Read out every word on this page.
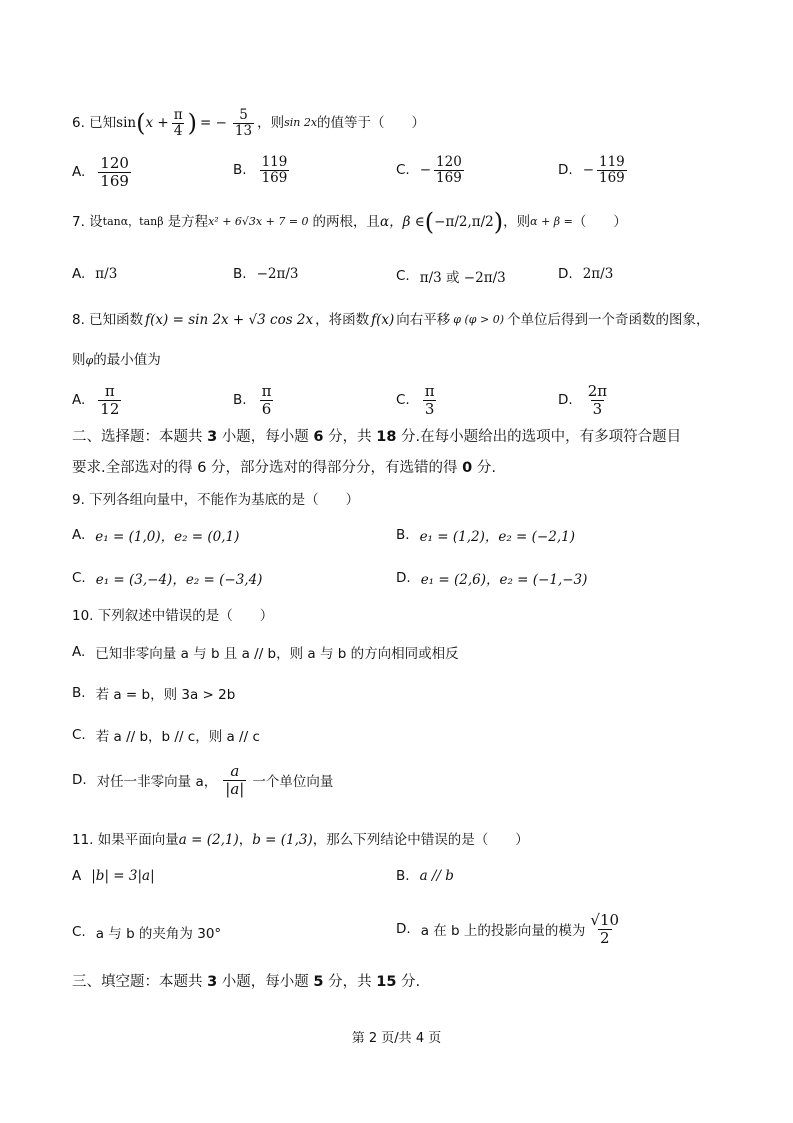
6. 已知 sin ( $x + \frac{\pi}{4}$ ) = − $\frac{5}{13}$ ，则 sin 2x 的值等于（　　）
A. $\frac{120}{169}$	B. $\frac{119}{169}$	C. − $\frac{120}{169}$	D. − $\frac{119}{169}$
7. 设 tanα，tanβ 是方程 x² + 6√3x + 7 = 0 的两根，且 α，β ∈ ( −π/2 , π/2 ) ，则 α + β = （　　）
A. π/3	B. −2π/3	C. π/3 或 −2π/3	D. 2π/3
8. 已知函数 f(x) = sin 2x + √3 cos 2x ，将函数 f(x) 向右平移 φ (φ > 0) 个单位后得到一个奇函数的图象，
则φ的最小值为
A. $\frac{\pi}{12}$	B. $\frac{\pi}{6}$	C. $\frac{\pi}{3}$	D. $\frac{2\pi}{3}$
二、选择题：本题共 3 小题，每小题 6 分，共 18 分.在每小题给出的选项中，有多项符合题目
要求.全部选对的得 6 分，部分选对的得部分分，有选错的得 0 分.
9. 下列各组向量中，不能作为基底的是（　　）
A. e₁ = (1,0)，e₂ = (0,1)	B. e₁ = (1,2)，e₂ = (−2,1)
C. e₁ = (3,−4)，e₂ = (−3,4)	D. e₁ = (2,6)，e₂ = (−1,−3)
10. 下列叙述中错误的是（　　）
A. 已知非零向量 a 与 b 且 a // b，则 a 与 b 的方向相同或相反
B. 若 a = b，则 3a > 2b
C. 若 a // b，b // c，则 a // c
D. 对任一非零向量 a， $\frac{a}{|a|}$ 一个单位向量
11. 如果平面向量a = (2,1)，b = (1,3)，那么下列结论中错误的是（　　）
A |b| = 3|a|	B. a // b
C. a 与 b 的夹角为 30°	D. a 在 b 上的投影向量的模为 $\frac{√10}{2}$
三、填空题：本题共 3 小题，每小题 5 分，共 15 分.
第 2 页/共 4 页
